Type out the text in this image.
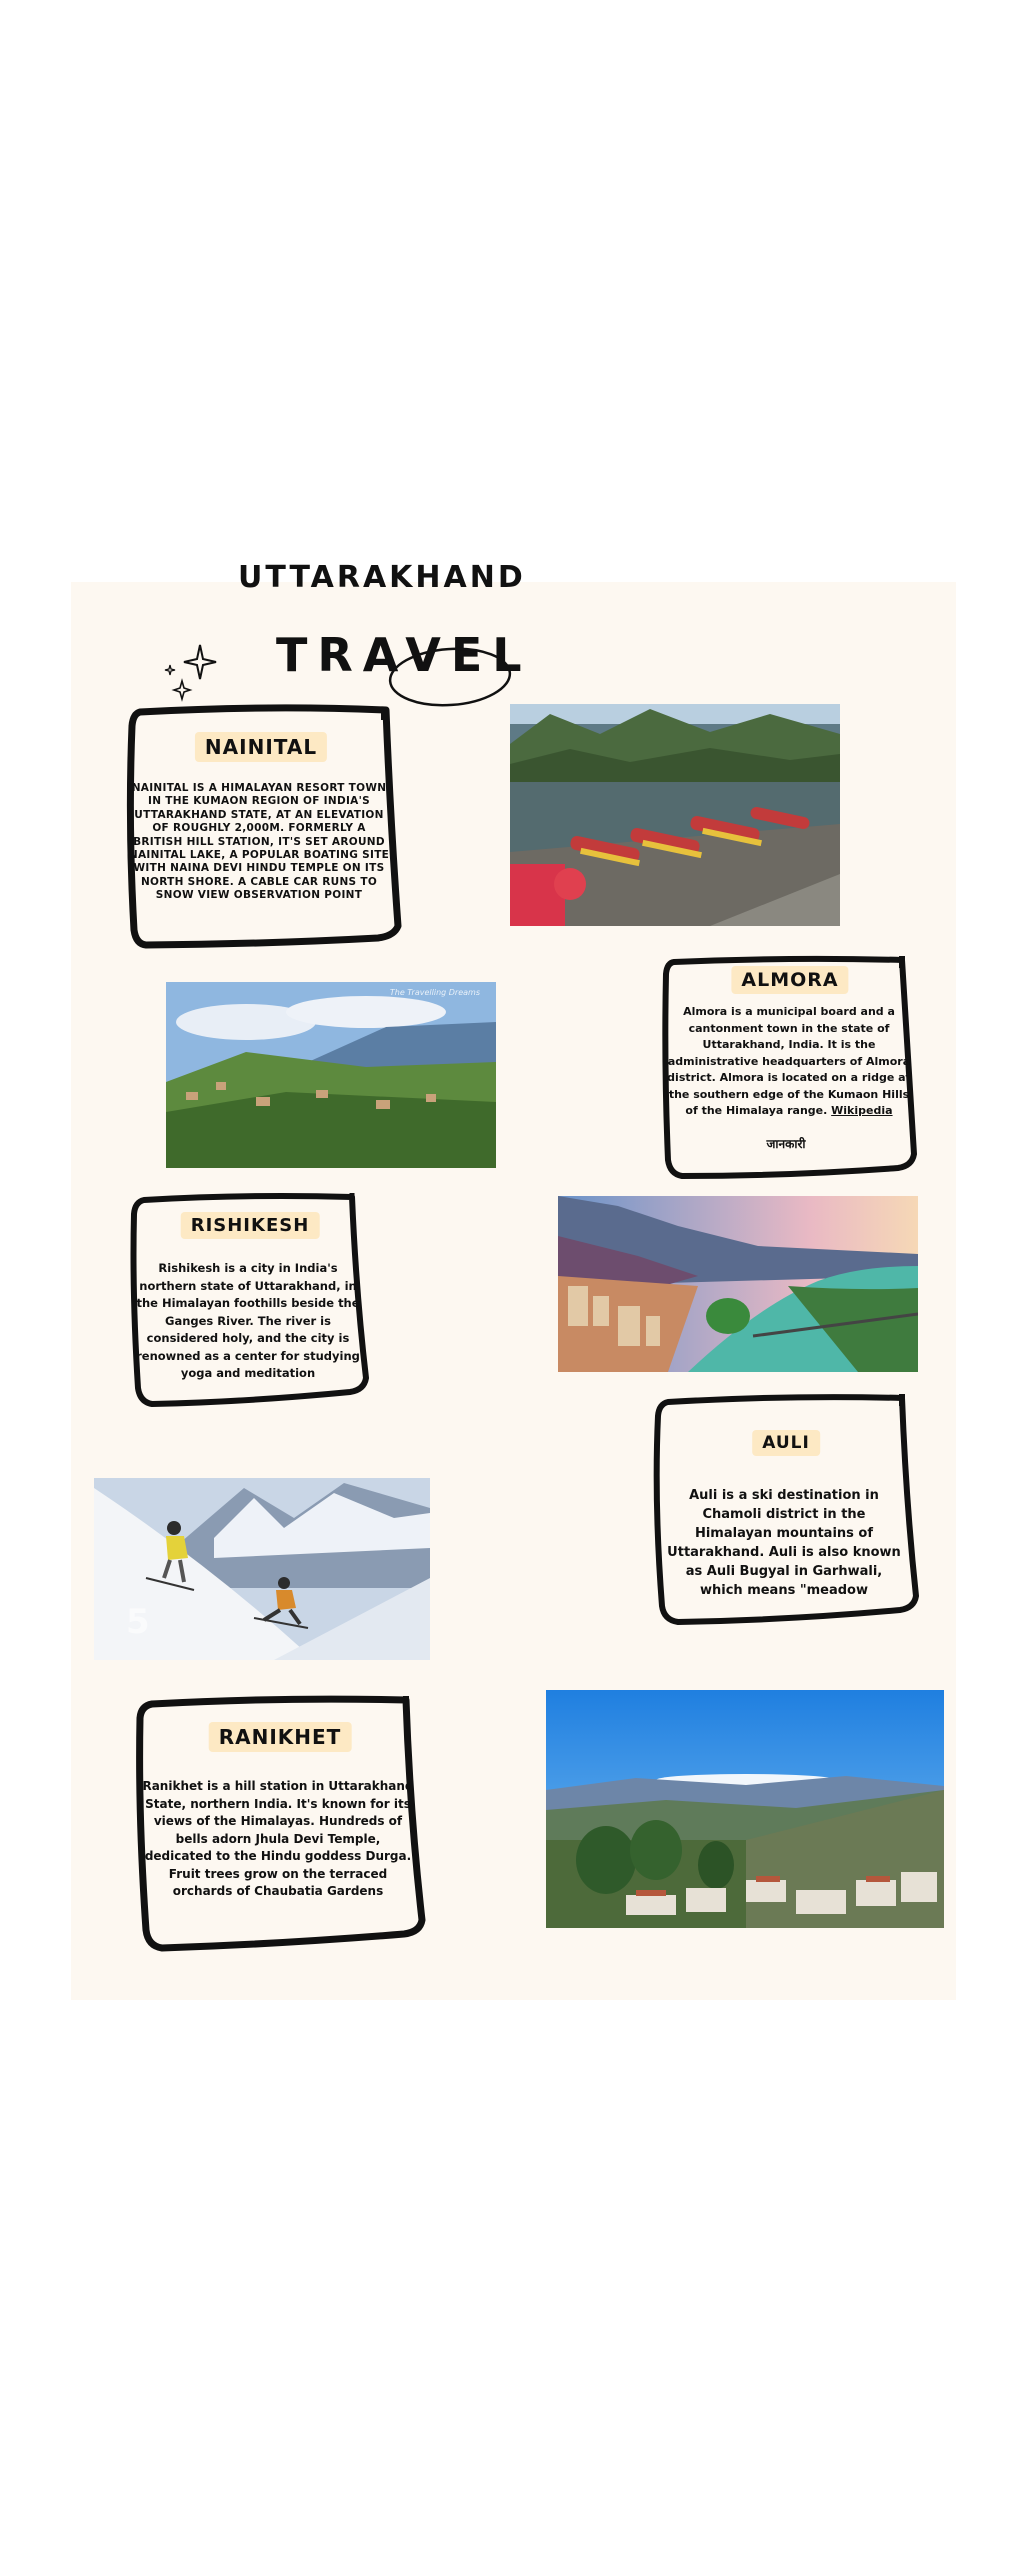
UTTARAKHAND
TRAVEL
NAINITAL
NAINITAL IS A HIMALAYAN RESORT TOWN IN THE KUMAON REGION OF INDIA'S UTTARAKHAND STATE, AT AN ELEVATION OF ROUGHLY 2,000M. FORMERLY A BRITISH HILL STATION, IT'S SET AROUND NAINITAL LAKE, A POPULAR BOATING SITE WITH NAINA DEVI HINDU TEMPLE ON ITS NORTH SHORE. A CABLE CAR RUNS TO SNOW VIEW OBSERVATION POINT
The Travelling Dreams
ALMORA
Almora is a municipal board and a cantonment town in the state of Uttarakhand, India. It is the administrative headquarters of Almora district. Almora is located on a ridge at the southern edge of the Kumaon Hills of the Himalaya range. Wikipedia
जानकारी
RISHIKESH
Rishikesh is a city in India's northern state of Uttarakhand, in the Himalayan foothills beside the Ganges River. The river is considered holy, and the city is renowned as a center for studying yoga and meditation
AULI
Auli is a ski destination in Chamoli district in the Himalayan mountains of Uttarakhand. Auli is also known as Auli Bugyal in Garhwali, which means "meadow
5
RANIKHET
Ranikhet is a hill station in Uttarakhand State, northern India. It's known for its views of the Himalayas. Hundreds of bells adorn Jhula Devi Temple, dedicated to the Hindu goddess Durga. Fruit trees grow on the terraced orchards of Chaubatia Gardens
